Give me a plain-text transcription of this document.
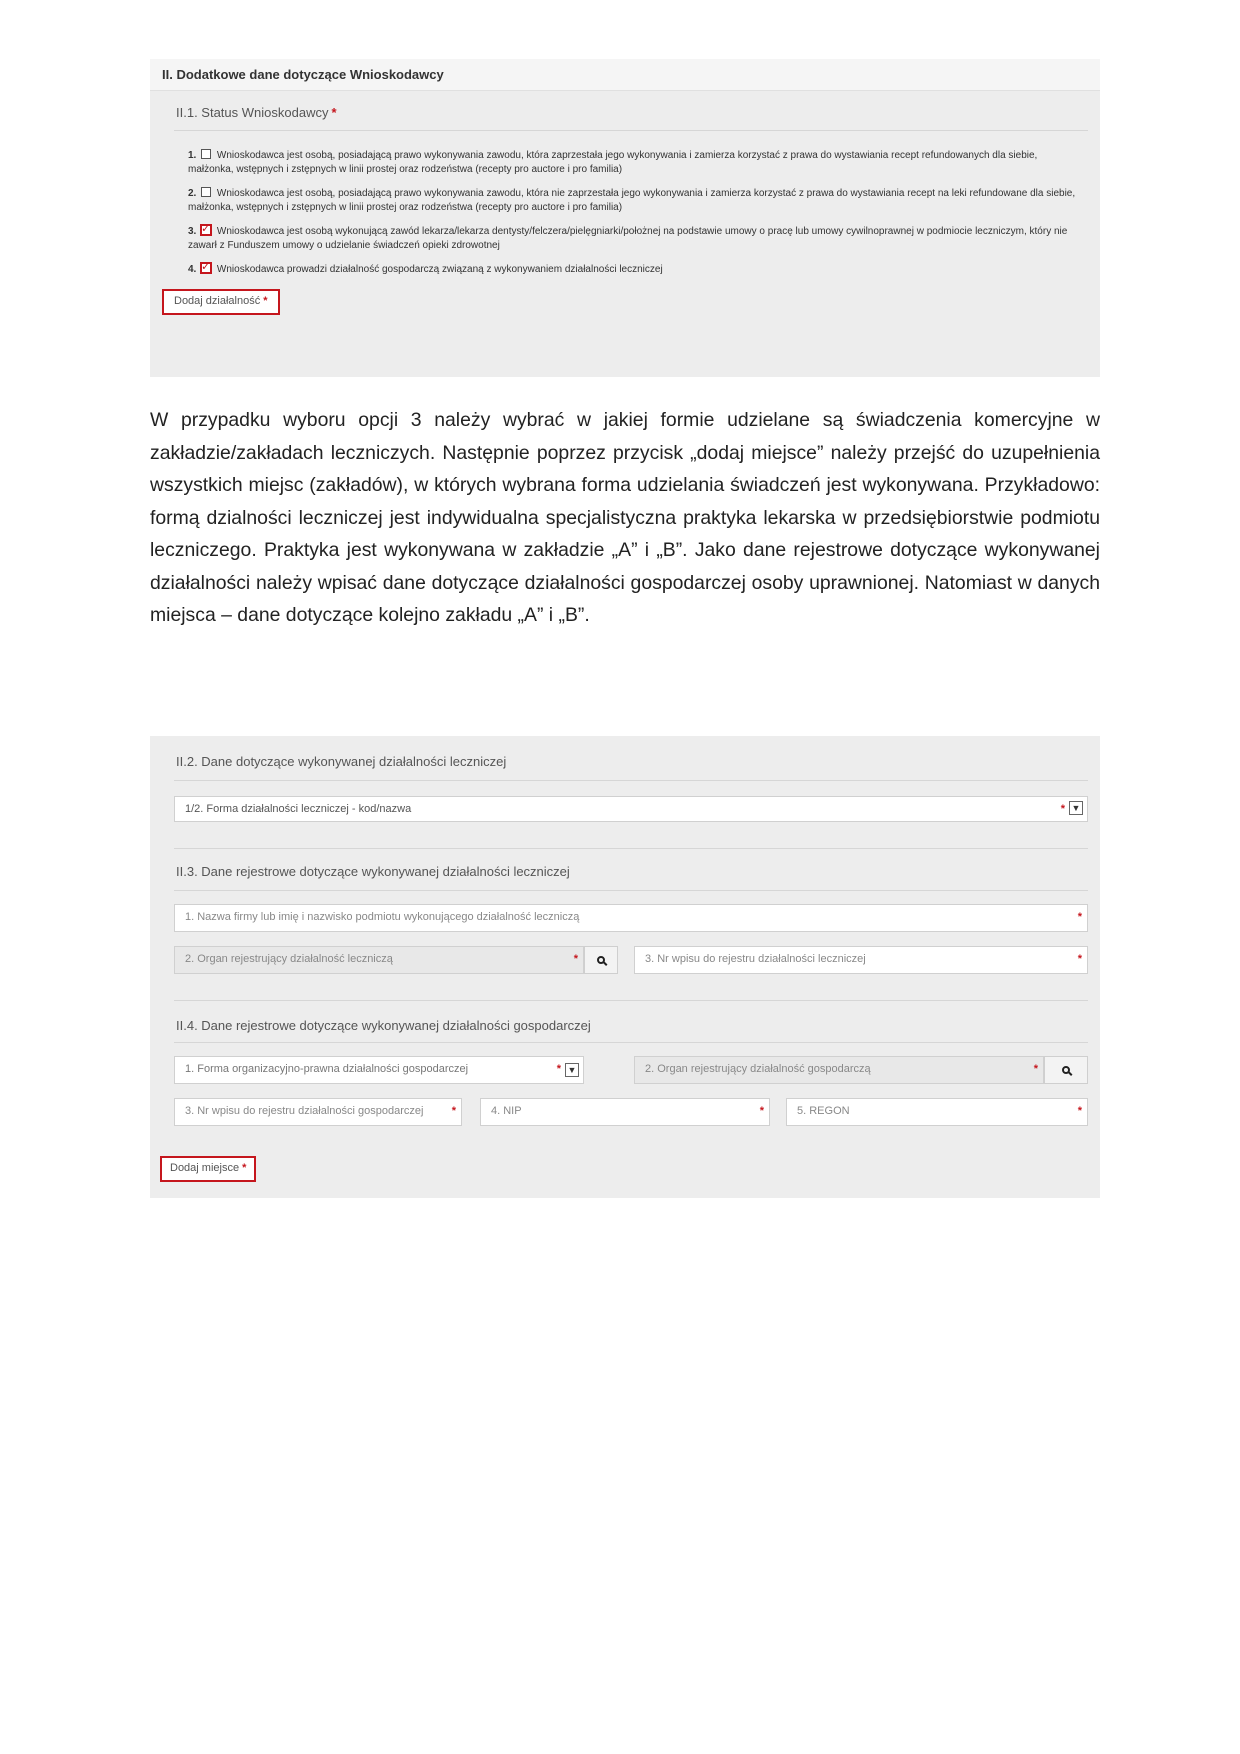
II. Dodatkowe dane dotyczące Wnioskodawcy
II.1. Status Wnioskodawcy *
1. Wnioskodawca jest osobą, posiadającą prawo wykonywania zawodu, która zaprzestała jego wykonywania i zamierza korzystać z prawa do wystawiania recept refundowanych dla siebie, małżonka, wstępnych i zstępnych w linii prostej oraz rodzeństwa (recepty pro auctore i pro familia)
2. Wnioskodawca jest osobą, posiadającą prawo wykonywania zawodu, która nie zaprzestała jego wykonywania i zamierza korzystać z prawa do wystawiania recept na leki refundowane dla siebie, małżonka, wstępnych i zstępnych w linii prostej oraz rodzeństwa (recepty pro auctore i pro familia)
3. ✓ Wnioskodawca jest osobą wykonującą zawód lekarza/lekarza dentysty/felczera/pielęgniarki/położnej na podstawie umowy o pracę lub umowy cywilnoprawnej w podmiocie leczniczym, który nie zawarł z Funduszem umowy o udzielanie świadczeń opieki zdrowotnej
4. ✓ Wnioskodawca prowadzi działalność gospodarczą związaną z wykonywaniem działalności leczniczej
Dodaj działalność *

W przypadku wyboru opcji 3 należy wybrać w jakiej formie udzielane są świadczenia komercyjne w zakładzie/zakładach leczniczych. Następnie poprzez przycisk „dodaj miejsce” należy przejść do uzupełnienia wszystkich miejsc (zakładów), w których wybrana forma udzielania świadczeń jest wykonywana. Przykładowo: formą dzialności leczniczej jest indywidualna specjalistyczna praktyka lekarska w przedsiębiorstwie podmiotu leczniczego. Praktyka jest wykonywana w zakładzie „A” i „B”. Jako dane rejestrowe dotyczące wykonywanej działalności należy wpisać dane dotyczące działalności gospodarczej osoby uprawnionej. Natomiast w danych miejsca – dane dotyczące kolejno zakładu „A” i „B”.

II.2. Dane dotyczące wykonywanej działalności leczniczej
1/2. Forma działalności leczniczej - kod/nazwa	* ▼
II.3. Dane rejestrowe dotyczące wykonywanej działalności leczniczej
1. Nazwa firmy lub imię i nazwisko podmiotu wykonującego działalność leczniczą	*
2. Organ rejestrujący działalność leczniczą	*	3. Nr wpisu do rejestru działalności leczniczej	*
II.4. Dane rejestrowe dotyczące wykonywanej działalności gospodarczej
1. Forma organizacyjno-prawna działalności gospodarczej	* ▼	2. Organ rejestrujący działalność gospodarczą	*
3. Nr wpisu do rejestru działalności gospodarczej	*	4. NIP	*	5. REGON	*
Dodaj miejsce *
